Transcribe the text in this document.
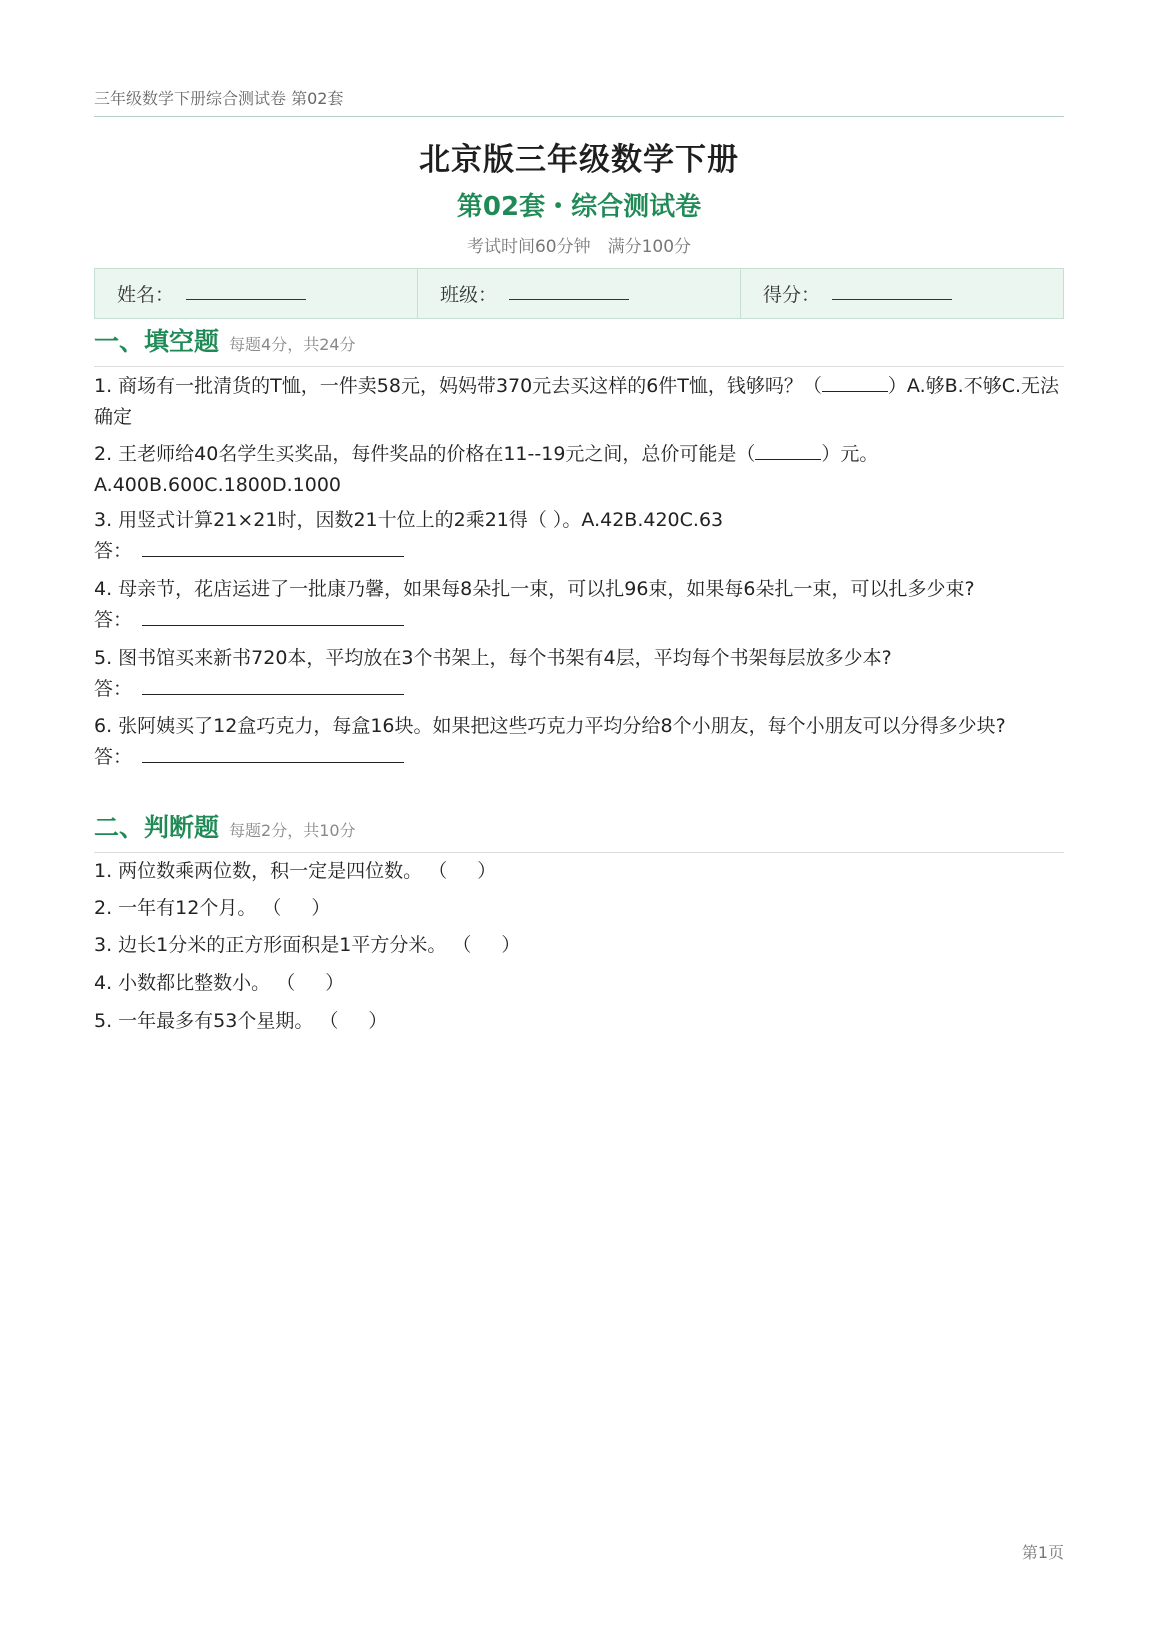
三年级数学下册综合测试卷 第02套
北京版三年级数学下册
第02套・综合测试卷
考试时间60分钟　满分100分
姓名：	班级：	得分：
一、填空题 每题4分，共24分
1. 商场有一批清货的T恤，一件卖58元，妈妈带370元去买这样的6件T恤，钱够吗？（	）A.够B.不够C.无法确定
2. 王老师给40名学生买奖品，每件奖品的价格在11--19元之间，总价可能是（	）元。A.400B.600C.1800D.1000
3. 用竖式计算21×21时，因数21十位上的2乘21得（ ）。A.42B.420C.63
答：
4. 母亲节，花店运进了一批康乃馨，如果每8朵扎一束，可以扎96束，如果每6朵扎一束，可以扎多少束?
答：
5. 图书馆买来新书720本，平均放在3个书架上，每个书架有4层，平均每个书架每层放多少本?
答：
6. 张阿姨买了12盒巧克力，每盒16块。如果把这些巧克力平均分给8个小朋友，每个小朋友可以分得多少块?
答：
二、判断题 每题2分，共10分
1. 两位数乘两位数，积一定是四位数。 （ ）
2. 一年有12个月。 （ ）
3. 边长1分米的正方形面积是1平方分米。 （ ）
4. 小数都比整数小。 （ ）
5. 一年最多有53个星期。 （ ）
第1页
